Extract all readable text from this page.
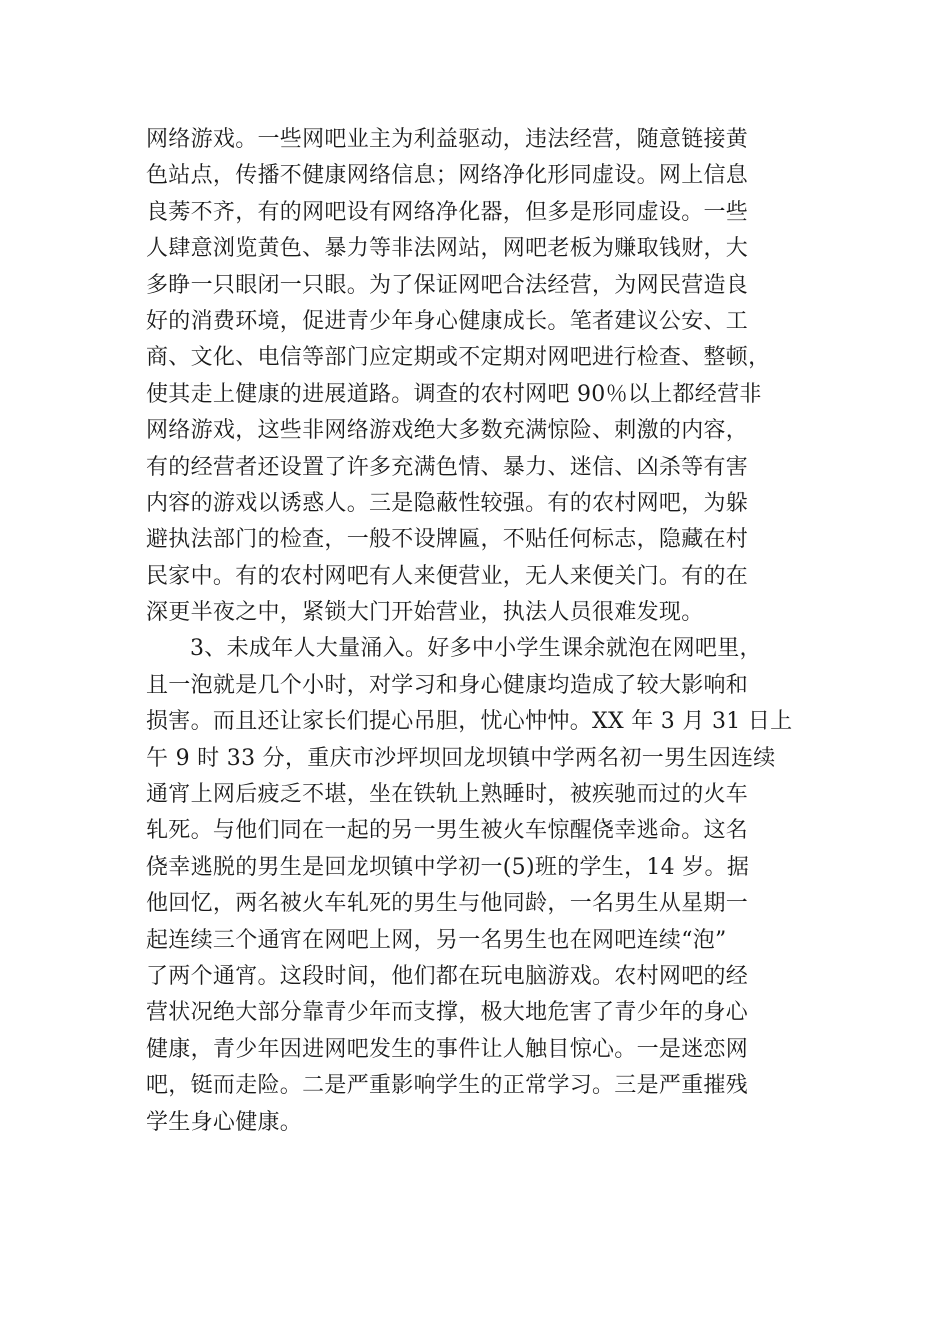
网络游戏。一些网吧业主为利益驱动，违法经营，随意链接黄
色站点，传播不健康网络信息；网络净化形同虚设。网上信息
良莠不齐，有的网吧设有网络净化器，但多是形同虚设。一些
人肆意浏览黄色、暴力等非法网站，网吧老板为赚取钱财，大
多睁一只眼闭一只眼。为了保证网吧合法经营，为网民营造良
好的消费环境，促进青少年身心健康成长。笔者建议公安、工
商、文化、电信等部门应定期或不定期对网吧进行检查、整顿，
使其走上健康的进展道路。调查的农村网吧 90％以上都经营非
网络游戏，这些非网络游戏绝大多数充满惊险、刺激的内容，
有的经营者还设置了许多充满色情、暴力、迷信、凶杀等有害
内容的游戏以诱惑人。三是隐蔽性较强。有的农村网吧，为躲
避执法部门的检查，一般不设牌匾，不贴任何标志，隐藏在村
民家中。有的农村网吧有人来便营业，无人来便关门。有的在
深更半夜之中，紧锁大门开始营业，执法人员很难发现。
3、未成年人大量涌入。好多中小学生课余就泡在网吧里，
且一泡就是几个小时，对学习和身心健康均造成了较大影响和
损害。而且还让家长们提心吊胆，忧心忡忡。XX 年 3 月 31 日上
午 9 时 33 分，重庆市沙坪坝回龙坝镇中学两名初一男生因连续
通宵上网后疲乏不堪，坐在铁轨上熟睡时，被疾驰而过的火车
轧死。与他们同在一起的另一男生被火车惊醒侥幸逃命。这名
侥幸逃脱的男生是回龙坝镇中学初一(5)班的学生，14 岁。据
他回忆，两名被火车轧死的男生与他同龄，一名男生从星期一
起连续三个通宵在网吧上网，另一名男生也在网吧连续“泡”
了两个通宵。这段时间，他们都在玩电脑游戏。农村网吧的经
营状况绝大部分靠青少年而支撑，极大地危害了青少年的身心
健康，青少年因进网吧发生的事件让人触目惊心。一是迷恋网
吧，铤而走险。二是严重影响学生的正常学习。三是严重摧残
学生身心健康。
